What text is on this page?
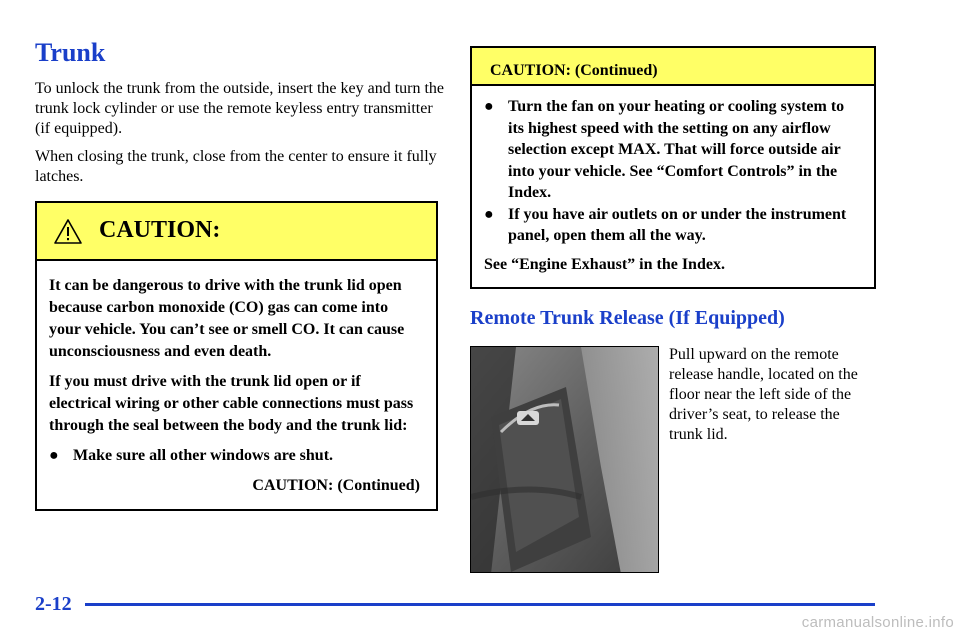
Trunk

To unlock the trunk from the outside, insert the key and turn the trunk lock cylinder or use the remote keyless entry transmitter (if equipped).

When closing the trunk, close from the center to ensure it fully latches.

CAUTION:

It can be dangerous to drive with the trunk lid open because carbon monoxide (CO) gas can come into your vehicle. You can’t see or smell CO. It can cause unconsciousness and even death.

If you must drive with the trunk lid open or if electrical wiring or other cable connections must pass through the seal between the body and the trunk lid:

● Make sure all other windows are shut.
CAUTION: (Continued)
CAUTION: (Continued)
● Turn the fan on your heating or cooling system to its highest speed with the setting on any airflow selection except MAX. That will force outside air into your vehicle. See “Comfort Controls” in the Index.
● If you have air outlets on or under the instrument panel, open them all the way.
See “Engine Exhaust” in the Index.
Remote Trunk Release (If Equipped)

Pull upward on the remote release handle, located on the floor near the left side of the driver’s seat, to release the trunk lid.

2-12
carmanualsonline.info
